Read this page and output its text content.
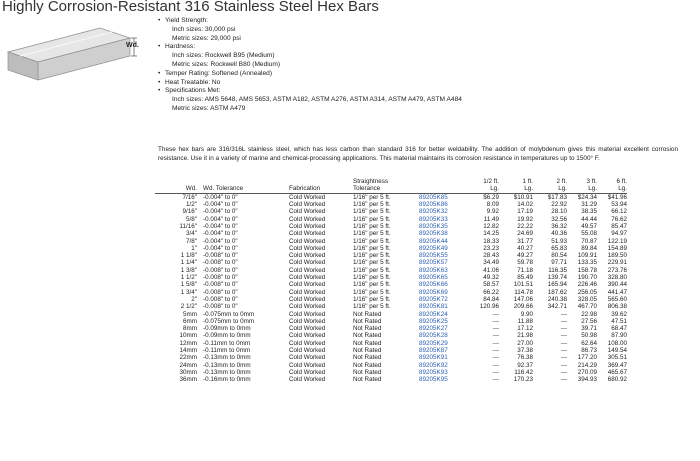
Highly Corrosion-Resistant 316 Stainless Steel Hex Bars
Wd.
• Yield Strength:
Inch sizes: 30,000 psi
Metric sizes: 29,000 psi
• Hardness:
Inch sizes: Rockwell B95 (Medium)
Metric sizes: Rockwell B80 (Medium)
• Temper Rating: Softened (Annealed)
• Heat Treatable: No
• Specifications Met:
Inch sizes: AMS 5648, AMS 5653, ASTM A182, ASTM A276, ASTM A314, ASTM A479, ASTM A484
Metric sizes: ASTM A479

These hex bars are 316/316L stainless steel, which has less carbon than standard 316 for better weldability. The addition of molybdenum gives this material excellent corrosion resistance. Use it in a variety of marine and chemical-processing applications. This material maintains its corrosion resistance in temperatures up to 1500° F.

			Straightness		1/2 ft.	1 ft.	2 ft.	3 ft.	6 ft.
Wd.	Wd. Tolerance	Fabrication	Tolerance		Lg.	Lg.	Lg.	Lg.	Lg.
7/16"	-0.004" to 0"	Cold Worked	1/16" per 5 ft.	89205K85	$6.29	$10.91	$17.83	$24.34	$41.96
1/2"	-0.004" to 0"	Cold Worked	1/16" per 5 ft.	89205K86	8.09	14.02	22.92	31.29	53.94
9/16"	-0.004" to 0"	Cold Worked	1/16" per 5 ft.	89205K32	9.92	17.19	28.10	38.35	66.12
5/8"	-0.004" to 0"	Cold Worked	1/16" per 5 ft.	89205K33	11.49	19.92	32.56	44.44	76.62
11/16"	-0.004" to 0"	Cold Worked	1/16" per 5 ft.	89205K35	12.82	22.22	36.32	49.57	85.47
3/4"	-0.004" to 0"	Cold Worked	1/16" per 5 ft.	89205K38	14.25	24.69	40.36	55.08	94.97
7/8"	-0.004" to 0"	Cold Worked	1/16" per 5 ft.	89205K44	18.33	31.77	51.93	70.87	122.19
1"	-0.004" to 0"	Cold Worked	1/16" per 5 ft.	89205K49	23.23	40.27	65.83	89.84	154.89
1 1/8"	-0.008" to 0"	Cold Worked	1/16" per 5 ft.	89205K55	28.43	49.27	80.54	109.91	189.50
1 1/4"	-0.008" to 0"	Cold Worked	1/16" per 5 ft.	89205K57	34.49	59.78	97.71	133.35	229.91
1 3/8"	-0.008" to 0"	Cold Worked	1/16" per 5 ft.	89205K63	41.06	71.18	116.35	158.78	273.76
1 1/2"	-0.008" to 0"	Cold Worked	1/16" per 5 ft.	89205K65	49.32	85.49	139.74	190.70	328.80
1 5/8"	-0.008" to 0"	Cold Worked	1/16" per 5 ft.	89205K66	58.57	101.51	165.94	226.46	390.44
1 3/4"	-0.008" to 0"	Cold Worked	1/16" per 5 ft.	89205K69	66.22	114.78	187.62	256.05	441.47
2"	-0.008" to 0"	Cold Worked	1/16" per 5 ft.	89205K72	84.84	147.06	240.38	328.05	565.60
2 1/2"	-0.008" to 0"	Cold Worked	1/16" per 5 ft.	89205K81	120.96	209.66	342.71	467.70	806.38
5mm	-0.075mm to 0mm	Cold Worked	Not Rated	89205K24	—	9.90	—	22.98	39.62
6mm	-0.075mm to 0mm	Cold Worked	Not Rated	89205K25	—	11.88	—	27.56	47.51
8mm	-0.09mm to 0mm	Cold Worked	Not Rated	89205K27	—	17.12	—	39.71	68.47
10mm	-0.09mm to 0mm	Cold Worked	Not Rated	89205K28	—	21.98	—	50.98	87.90
12mm	-0.11mm to 0mm	Cold Worked	Not Rated	89205K29	—	27.00	—	62.64	108.00
14mm	-0.11mm to 0mm	Cold Worked	Not Rated	89205K87	—	37.38	—	86.73	149.54
22mm	-0.13mm to 0mm	Cold Worked	Not Rated	89205K91	—	76.38	—	177.20	305.51
24mm	-0.13mm to 0mm	Cold Worked	Not Rated	89205K92	—	92.37	—	214.29	369.47
30mm	-0.13mm to 0mm	Cold Worked	Not Rated	89205K93	—	116.42	—	270.09	465.67
36mm	-0.16mm to 0mm	Cold Worked	Not Rated	89205K95	—	170.23	—	394.93	680.92
